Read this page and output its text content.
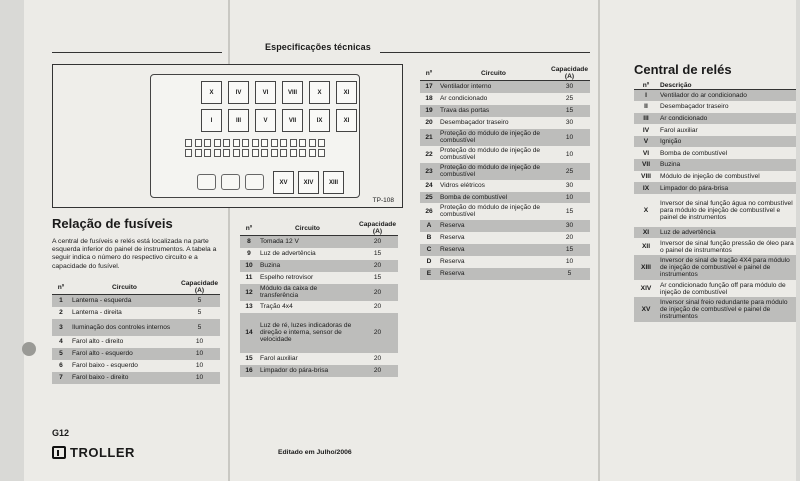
Especificações técnicas
X	IV	VI	VIII	X	XI
I	III	V	VII	IX	XI
XV	XIV	XIII
TP-108
Relação de fusíveis

A central de fusíveis e relés está localizada na parte esquerda inferior do painel de instrumentos. A tabela a seguir indica o número do respectivo circuito e a capacidade do fusível.

nº	Circuito	Capacidade (A)
1	Lanterna - esquerda	5
2	Lanterna - direita	5
3	Iluminação dos controles internos	5
4	Farol alto - direito	10
5	Farol alto - esquerdo	10
6	Farol baixo - esquerdo	10
7	Farol baixo - direito	10
nº	Circuito	Capacidade (A)
8	Tomada 12 V	20
9	Luz de advertência	15
10	Buzina	20
11	Espelho retrovisor	15
12	Módulo da caixa de transferência	20
13	Tração 4x4	20
14	Luz de ré, luzes indicadoras de direção e interna, sensor de velocidade	20
15	Farol auxiliar	20
16	Limpador do pára-brisa	20
nº	Circuito	Capacidade (A)
17	Ventilador interno	30
18	Ar condicionado	25
19	Trava das portas	15
20	Desembaçador traseiro	30
21	Proteção do módulo de injeção de combustível	10
22	Proteção do módulo de injeção de combustível	10
23	Proteção do módulo de injeção de combustível	25
24	Vidros elétricos	30
25	Bomba de combustível	10
26	Proteção do módulo de injeção de combustível	15
A	Reserva	30
B	Reserva	20
C	Reserva	15
D	Reserva	10
E	Reserva	5
Central de relés
nº	Descrição
I	Ventilador do ar condicionado
II	Desembaçador traseiro
III	Ar condicionado
IV	Farol auxiliar
V	Ignição
VI	Bomba de combustível
VII	Buzina
VIII	Módulo de injeção de combustível
IX	Limpador do pára-brisa
X	Inversor de sinal função água no combustível para módulo de injeção de combustível e painel de instrumentos
XI	Luz de advertência
XII	Inversor de sinal função pressão de óleo para o painel de instrumentos
XIII	Inversor de sinal de tração 4X4 para módulo de injeção de combustível e painel de instrumentos
XIV	Ar condicionado função off para módulo de injeção de combustível
XV	Inversor sinal freio redundante para módulo de injeção de combustível e painel de instrumentos
G12
TROLLER	Editado em Julho/2006
